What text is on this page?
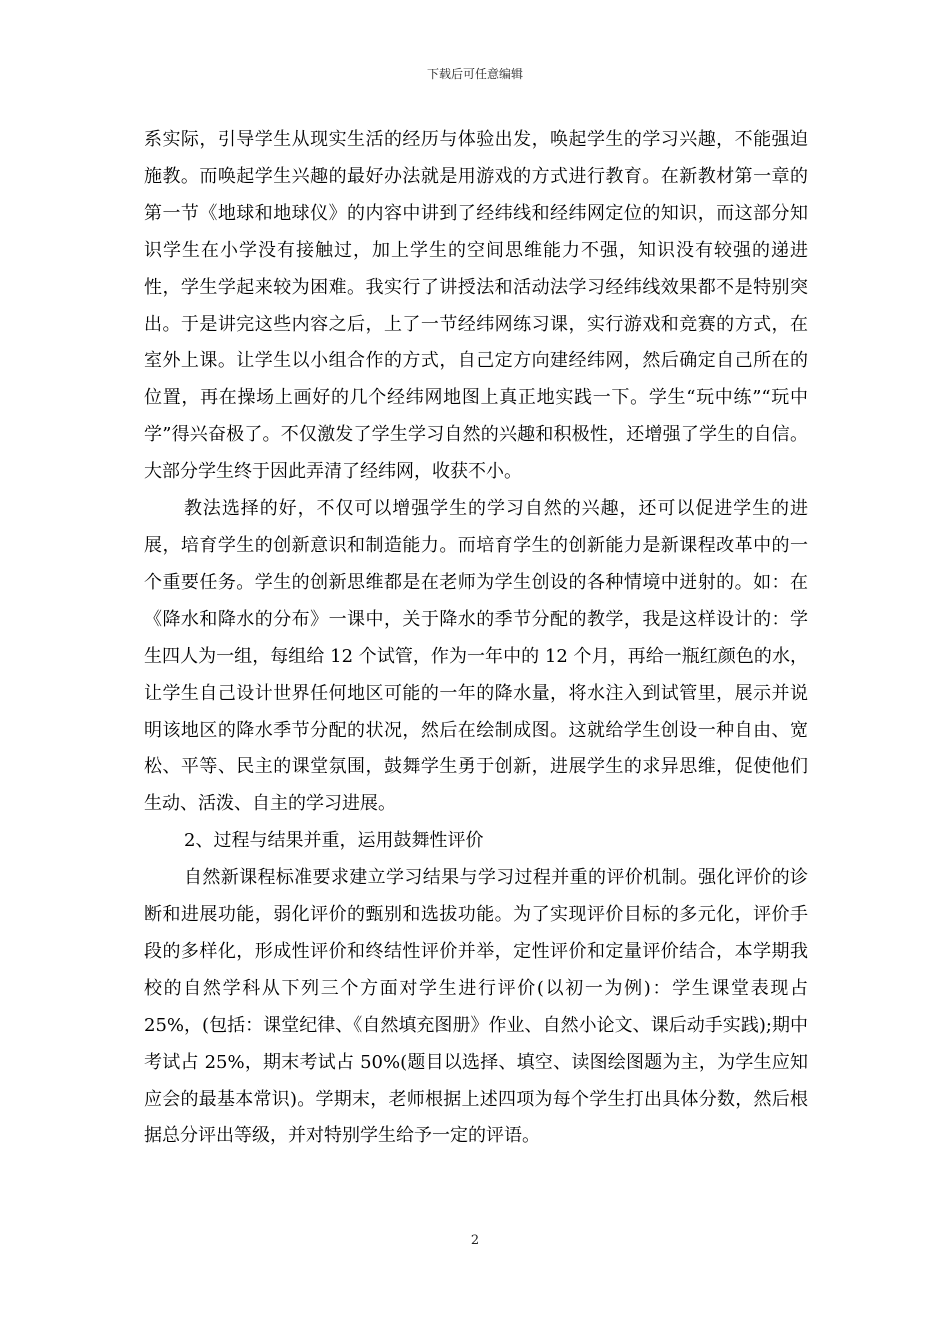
下载后可任意编辑

系实际，引导学生从现实生活的经历与体验出发，唤起学生的学习兴趣，不能强迫施教。而唤起学生兴趣的最好办法就是用游戏的方式进行教育。在新教材第一章的第一节《地球和地球仪》的内容中讲到了经纬线和经纬网定位的知识，而这部分知识学生在小学没有接触过，加上学生的空间思维能力不强，知识没有较强的递进性，学生学起来较为困难。我实行了讲授法和活动法学习经纬线效果都不是特别突出。于是讲完这些内容之后，上了一节经纬网练习课，实行游戏和竞赛的方式，在室外上课。让学生以小组合作的方式，自己定方向建经纬网，然后确定自己所在的位置，再在操场上画好的几个经纬网地图上真正地实践一下。学生“玩中练”“玩中学”得兴奋极了。不仅激发了学生学习自然的兴趣和积极性，还增强了学生的自信。大部分学生终于因此弄清了经纬网，收获不小。

教法选择的好，不仅可以增强学生的学习自然的兴趣，还可以促进学生的进展，培育学生的创新意识和制造能力。而培育学生的创新能力是新课程改革中的一个重要任务。学生的创新思维都是在老师为学生创设的各种情境中迸射的。如：在《降水和降水的分布》一课中，关于降水的季节分配的教学，我是这样设计的：学生四人为一组，每组给 12 个试管，作为一年中的 12 个月，再给一瓶红颜色的水，让学生自己设计世界任何地区可能的一年的降水量，将水注入到试管里，展示并说明该地区的降水季节分配的状况，然后在绘制成图。这就给学生创设一种自由、宽松、平等、民主的课堂氛围，鼓舞学生勇于创新，进展学生的求异思维，促使他们生动、活泼、自主的学习进展。

2、过程与结果并重，运用鼓舞性评价

自然新课程标准要求建立学习结果与学习过程并重的评价机制。强化评价的诊断和进展功能，弱化评价的甄别和选拔功能。为了实现评价目标的多元化，评价手段的多样化，形成性评价和终结性评价并举，定性评价和定量评价结合，本学期我校的自然学科从下列三个方面对学生进行评价(以初一为例)：学生课堂表现占 25%，(包括：课堂纪律、《自然填充图册》作业、自然小论文、课后动手实践);期中考试占 25%，期末考试占 50%(题目以选择、填空、读图绘图题为主，为学生应知应会的最基本常识)。学期末，老师根据上述四项为每个学生打出具体分数，然后根据总分评出等级，并对特别学生给予一定的评语。

2
